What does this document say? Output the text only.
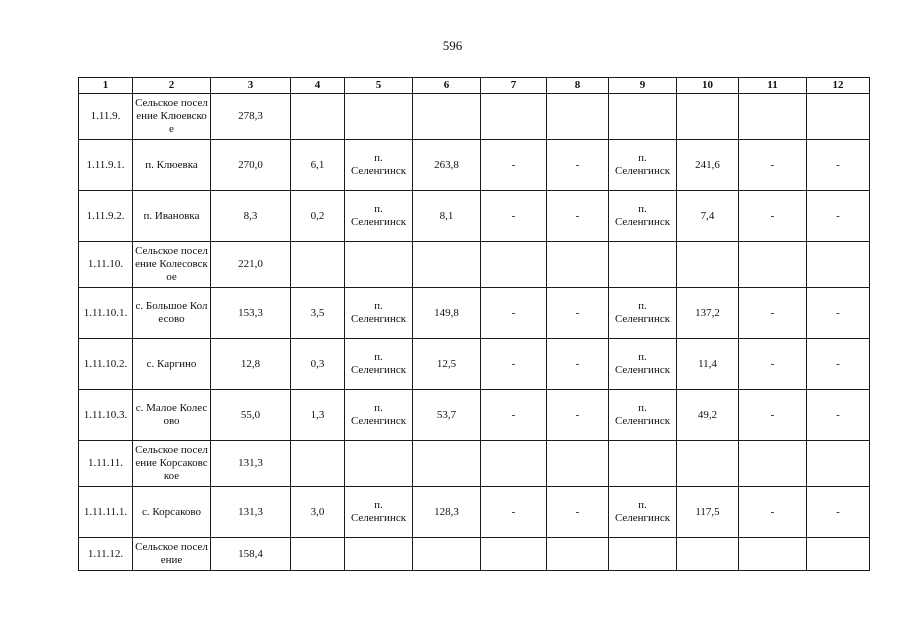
596
1	2	3	4	5	6	7	8	9	10	11	12
1.11.9.	Сельское поселение Клюевское	278,3									
1.11.9.1.	п. Клюевка	270,0	6,1	п. Селенгинск	263,8	-	-	п. Селенгинск	241,6	-	-
1.11.9.2.	п. Ивановка	8,3	0,2	п. Селенгинск	8,1	-	-	п. Селенгинск	7,4	-	-
1.11.10.	Сельское поселение Колесовское	221,0									
1.11.10.1.	с. Большое Колесово	153,3	3,5	п. Селенгинск	149,8	-	-	п. Селенгинск	137,2	-	-
1.11.10.2.	с. Каргино	12,8	0,3	п. Селенгинск	12,5	-	-	п. Селенгинск	11,4	-	-
1.11.10.3.	с. Малое Колесово	55,0	1,3	п. Селенгинск	53,7	-	-	п. Селенгинск	49,2	-	-
1.11.11.	Сельское поселение Корсаковское	131,3									
1.11.11.1.	с. Корсаково	131,3	3,0	п. Селенгинск	128,3	-	-	п. Селенгинск	117,5	-	-
1.11.12.	Сельское поселение	158,4									
